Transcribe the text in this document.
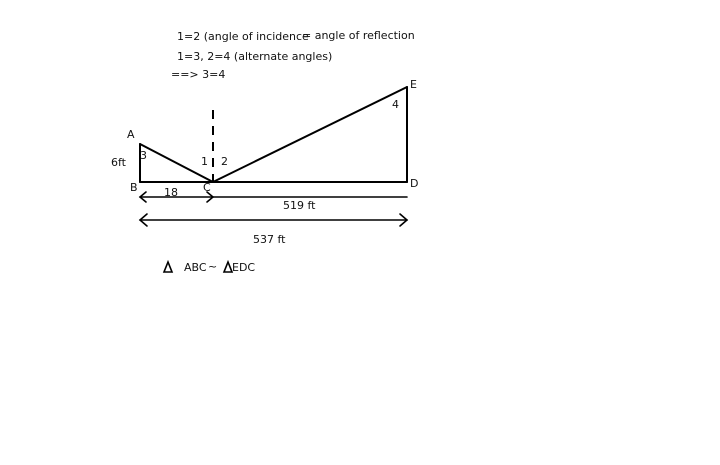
1=2 (angle of incidence
= angle of reflection
1=3, 2=4 (alternate angles)
==> 3=4
A
B	C	D
E
1 2
3
4
6ft
18
519 ft
537 ft
ABC ~ EDC
